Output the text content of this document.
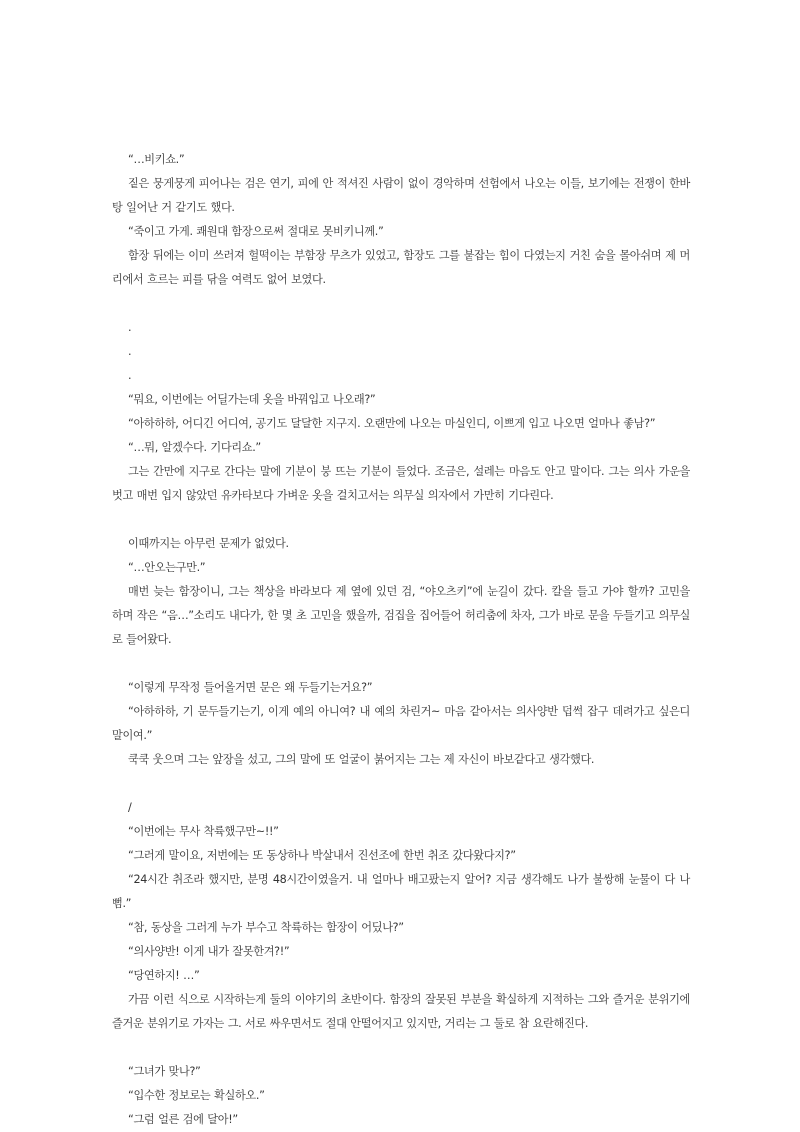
“…비키쇼.”

짙은 뭉게뭉게 피어나는 검은 연기, 피에 안 적셔진 사람이 없이 경악하며 선험에서 나오는 이들, 보기에는 전쟁이 한바탕 일어난 거 같기도 했다.

“죽이고 가게. 쾌원대 함장으로써 절대로 못비키니께.”

함장 뒤에는 이미 쓰러져 헐떡이는 부함장 무츠가 있었고, 함장도 그를 붙잡는 힘이 다였는지 거친 숨을 몰아쉬며 제 머리에서 흐르는 피를 닦을 여력도 없어 보였다.

.

.

.

“뭐요, 이번에는 어딜가는데 옷을 바꿔입고 나오래?”

“아하하하, 어디긴 어디여, 공기도 달달한 지구지. 오랜만에 나오는 마실인디, 이쁘게 입고 나오면 얼마나 좋남?”

“…뭐, 알겠수다. 기다리쇼.”

그는 간만에 지구로 간다는 말에 기분이 붕 뜨는 기분이 들었다. 조금은, 설레는 마음도 안고 말이다. 그는 의사 가운을 벗고 매번 입지 않았던 유카타보다 가벼운 옷을 걸치고서는 의무실 의자에서 가만히 기다린다.

이때까지는 아무런 문제가 없었다.

“…안오는구만.”

매번 늦는 함장이니, 그는 책상을 바라보다 제 옆에 있던 검, “야오츠키”에 눈길이 갔다. 칼을 들고 가야 할까? 고민을 하며 작은 “음…”소리도 내다가, 한 몇 초 고민을 했을까, 검집을 집어들어 허리춤에 차자, 그가 바로 문을 두들기고 의무실로 들어왔다.

“이렇게 무작정 들어올거면 문은 왜 두들기는거요?”

“아하하하, 기 문두들기는기, 이게 예의 아니여? 내 예의 차린거~ 마음 같아서는 의사양반 덥썩 잡구 데려가고 싶은디 말이여.”

쿡쿡 웃으며 그는 앞장을 섰고, 그의 말에 또 얼굴이 붉어지는 그는 제 자신이 바보같다고 생각했다.

/

“이번에는 무사 착륙했구만~!!”

“그러게 말이요, 저번에는 또 동상하나 박살내서 진선조에 한번 취조 갔다왔다지?”

“24시간 취조라 했지만, 분명 48시간이였을거. 내 얼마나 배고팠는지 알어? 지금 생각해도 나가 불쌍해 눈물이 다 나뻠.”

“참, 동상을 그러게 누가 부수고 착륙하는 함장이 어딨나?”

“의사양반! 이게 내가 잘못한겨?!”

“당연하지! …”

가끔 이런 식으로 시작하는게 둘의 이야기의 초반이다. 함장의 잘못된 부분을 확실하게 지적하는 그와 즐거운 분위기에 즐거운 분위기로 가자는 그. 서로 싸우면서도 절대 안떨어지고 있지만, 거리는 그 둘로 참 요란해진다.

“그녀가 맞나?”

“입수한 정보로는 확실하오.”

“그럼 얼른 검에 달아!”
